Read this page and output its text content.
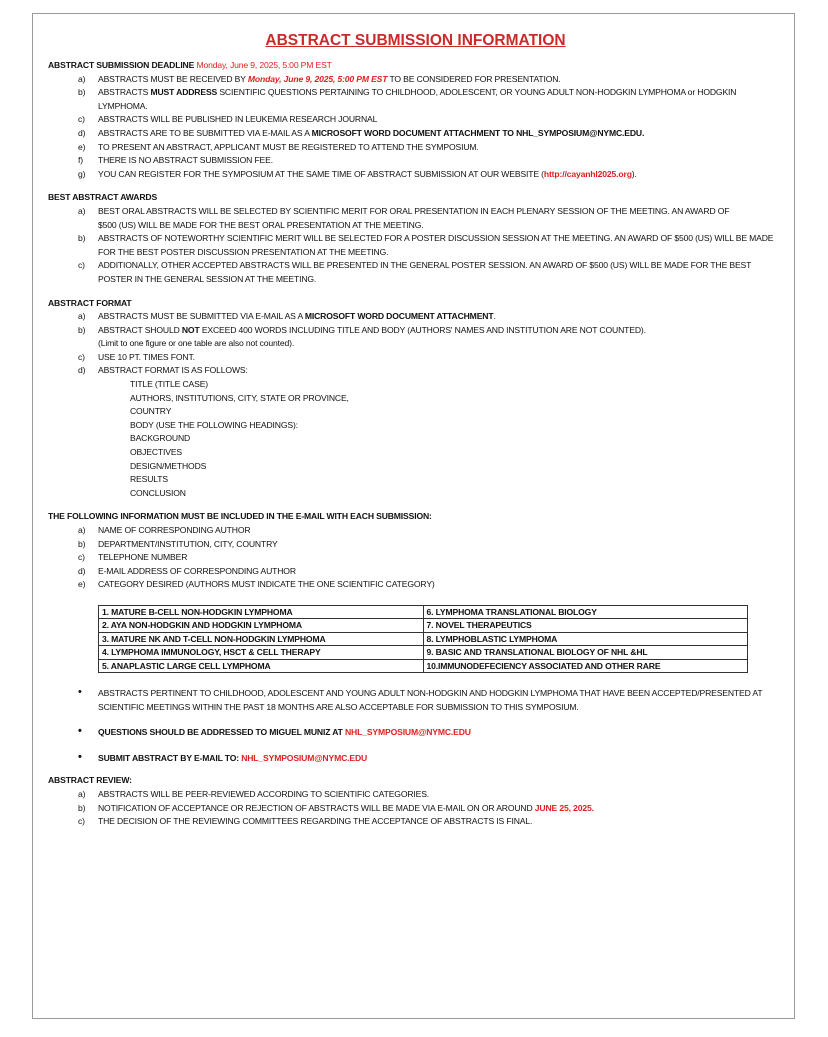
ABSTRACT SUBMISSION INFORMATION
ABSTRACT SUBMISSION DEADLINE Monday, June 9, 2025, 5:00 PM EST
a) ABSTRACTS MUST BE RECEIVED BY Monday, June 9, 2025, 5:00 PM EST TO BE CONSIDERED FOR PRESENTATION.
b) ABSTRACTS MUST ADDRESS SCIENTIFIC QUESTIONS PERTAINING TO CHILDHOOD, ADOLESCENT, OR YOUNG ADULT NON-HODGKIN LYMPHOMA or HODGKIN LYMPHOMA.
c) ABSTRACTS WILL BE PUBLISHED IN LEUKEMIA RESEARCH JOURNAL
d) ABSTRACTS ARE TO BE SUBMITTED VIA E-MAIL AS A MICROSOFT WORD DOCUMENT ATTACHMENT TO NHL_SYMPOSIUM@NYMC.EDU.
e) TO PRESENT AN ABSTRACT, APPLICANT MUST BE REGISTERED TO ATTEND THE SYMPOSIUM.
f) THERE IS NO ABSTRACT SUBMISSION FEE.
g) YOU CAN REGISTER FOR THE SYMPOSIUM AT THE SAME TIME OF ABSTRACT SUBMISSION AT OUR WEBSITE (http://cayanhl2025.org).
BEST ABSTRACT AWARDS
a) BEST ORAL ABSTRACTS WILL BE SELECTED BY SCIENTIFIC MERIT FOR ORAL PRESENTATION IN EACH PLENARY SESSION OF THE MEETING. AN AWARD OF
$500 (US) WILL BE MADE FOR THE BEST ORAL PRESENTATION AT THE MEETING.
b) ABSTRACTS OF NOTEWORTHY SCIENTIFIC MERIT WILL BE SELECTED FOR A POSTER DISCUSSION SESSION AT THE MEETING. AN AWARD OF $500 (US) WILL BE MADE FOR THE BEST POSTER DISCUSSION PRESENTATION AT THE MEETING.
c) ADDITIONALLY, OTHER ACCEPTED ABSTRACTS WILL BE PRESENTED IN THE GENERAL POSTER SESSION. AN AWARD OF $500 (US) WILL BE MADE FOR THE BEST POSTER IN THE GENERAL SESSION AT THE MEETING.
ABSTRACT FORMAT
a) ABSTRACTS MUST BE SUBMITTED VIA E-MAIL AS A MICROSOFT WORD DOCUMENT ATTACHMENT.
b) ABSTRACT SHOULD NOT EXCEED 400 WORDS INCLUDING TITLE AND BODY (AUTHORS' NAMES AND INSTITUTION ARE NOT COUNTED).
(Limit to one figure or one table are also not counted).
c) USE 10 PT. TIMES FONT.
d) ABSTRACT FORMAT IS AS FOLLOWS:
TITLE (TITLE CASE)
AUTHORS, INSTITUTIONS, CITY, STATE OR PROVINCE,
COUNTRY
BODY (USE THE FOLLOWING HEADINGS):
BACKGROUND
OBJECTIVES
DESIGN/METHODS
RESULTS
CONCLUSION
THE FOLLOWING INFORMATION MUST BE INCLUDED IN THE E-MAIL WITH EACH SUBMISSION:
a) NAME OF CORRESPONDING AUTHOR
b) DEPARTMENT/INSTITUTION, CITY, COUNTRY
c) TELEPHONE NUMBER
d) E-MAIL ADDRESS OF CORRESPONDING AUTHOR
e) CATEGORY DESIRED (AUTHORS MUST INDICATE THE ONE SCIENTIFIC CATEGORY)
1. MATURE B-CELL NON-HODGKIN LYMPHOMA	6. LYMPHOMA TRANSLATIONAL BIOLOGY
2. AYA NON-HODGKIN AND HODGKIN LYMPHOMA	7. NOVEL THERAPEUTICS
3. MATURE NK AND T-CELL NON-HODGKIN LYMPHOMA	8. LYMPHOBLASTIC LYMPHOMA
4. LYMPHOMA IMMUNOLOGY, HSCT & CELL THERAPY	9. BASIC AND TRANSLATIONAL BIOLOGY OF NHL &HL
5. ANAPLASTIC LARGE CELL LYMPHOMA	10.IMMUNODEFECIENCY ASSOCIATED AND OTHER RARE
• ABSTRACTS PERTINENT TO CHILDHOOD, ADOLESCENT AND YOUNG ADULT NON-HODGKIN AND HODGKIN LYMPHOMA THAT HAVE BEEN ACCEPTED/PRESENTED AT SCIENTIFIC MEETINGS WITHIN THE PAST 18 MONTHS ARE ALSO ACCEPTABLE FOR SUBMISSION TO THIS SYMPOSIUM.
• QUESTIONS SHOULD BE ADDRESSED TO MIGUEL MUNIZ AT NHL_SYMPOSIUM@NYMC.EDU
• SUBMIT ABSTRACT BY E-MAIL TO: NHL_SYMPOSIUM@NYMC.EDU
ABSTRACT REVIEW:
a) ABSTRACTS WILL BE PEER-REVIEWED ACCORDING TO SCIENTIFIC CATEGORIES.
b) NOTIFICATION OF ACCEPTANCE OR REJECTION OF ABSTRACTS WILL BE MADE VIA E-MAIL ON OR AROUND JUNE 25, 2025.
c) THE DECISION OF THE REVIEWING COMMITTEES REGARDING THE ACCEPTANCE OF ABSTRACTS IS FINAL.
